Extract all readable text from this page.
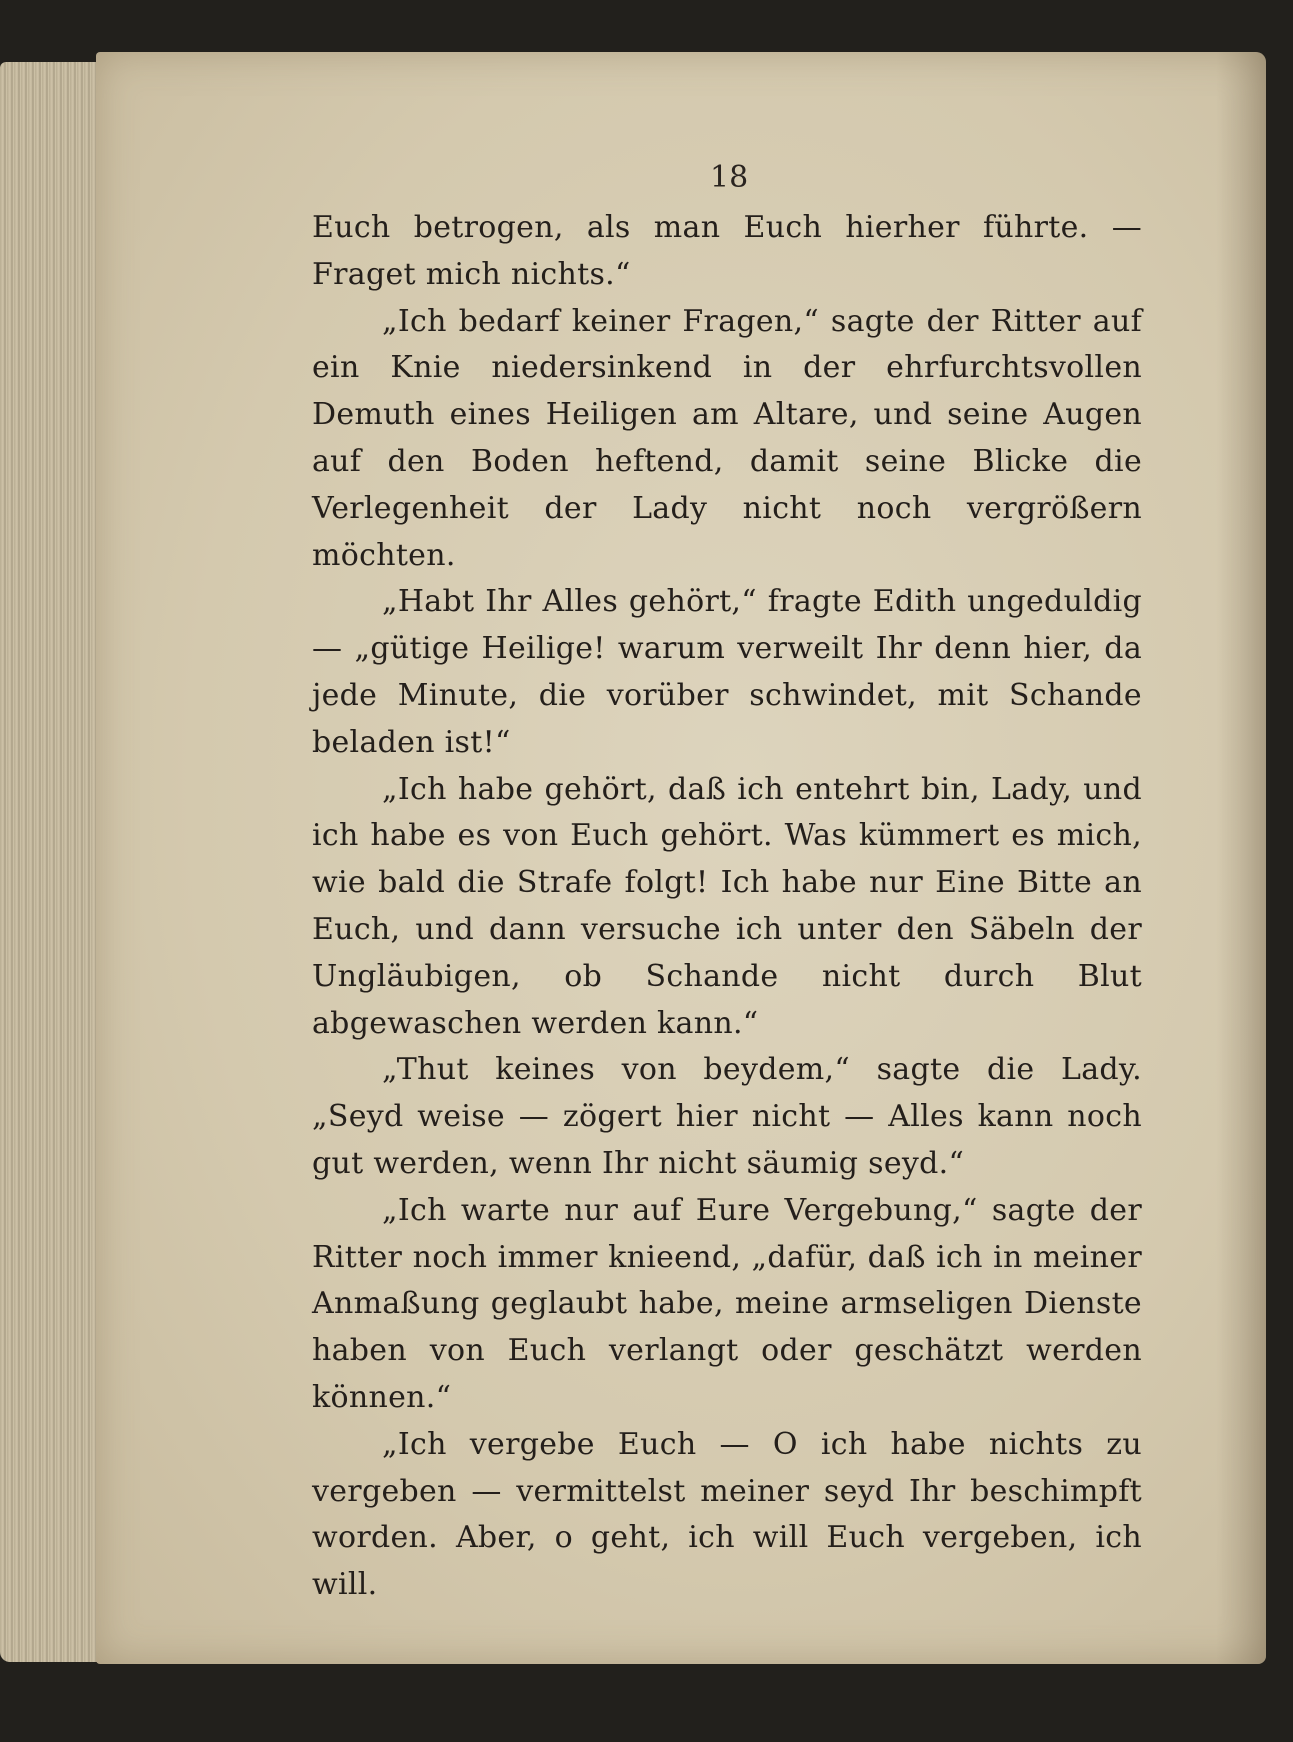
18

Euch betrogen, als man Euch hierher führte. — Fraget mich nichts.“

„Ich bedarf keiner Fragen,“ sagte der Ritter auf ein Knie niedersinkend in der ehrfurchtsvollen Demuth eines Heiligen am Altare, und seine Augen auf den Boden heftend, damit seine Blicke die Verlegenheit der Lady nicht noch vergrößern möchten.

„Habt Ihr Alles gehört,“ fragte Edith ungeduldig — „gütige Heilige! warum verweilt Ihr denn hier, da jede Minute, die vorüber schwindet, mit Schande beladen ist!“

„Ich habe gehört, daß ich entehrt bin, Lady, und ich habe es von Euch gehört. Was kümmert es mich, wie bald die Strafe folgt! Ich habe nur Eine Bitte an Euch, und dann versuche ich unter den Säbeln der Ungläubigen, ob Schande nicht durch Blut abgewaschen werden kann.“

„Thut keines von beydem,“ sagte die Lady. „Seyd weise — zögert hier nicht — Alles kann noch gut werden, wenn Ihr nicht säumig seyd.“

„Ich warte nur auf Eure Vergebung,“ sagte der Ritter noch immer knieend, „dafür, daß ich in meiner Anmaßung geglaubt habe, meine armseligen Dienste haben von Euch verlangt oder geschätzt werden können.“

„Ich vergebe Euch — O ich habe nichts zu vergeben — vermittelst meiner seyd Ihr beschimpft worden. Aber, o geht, ich will Euch vergeben, ich will.
